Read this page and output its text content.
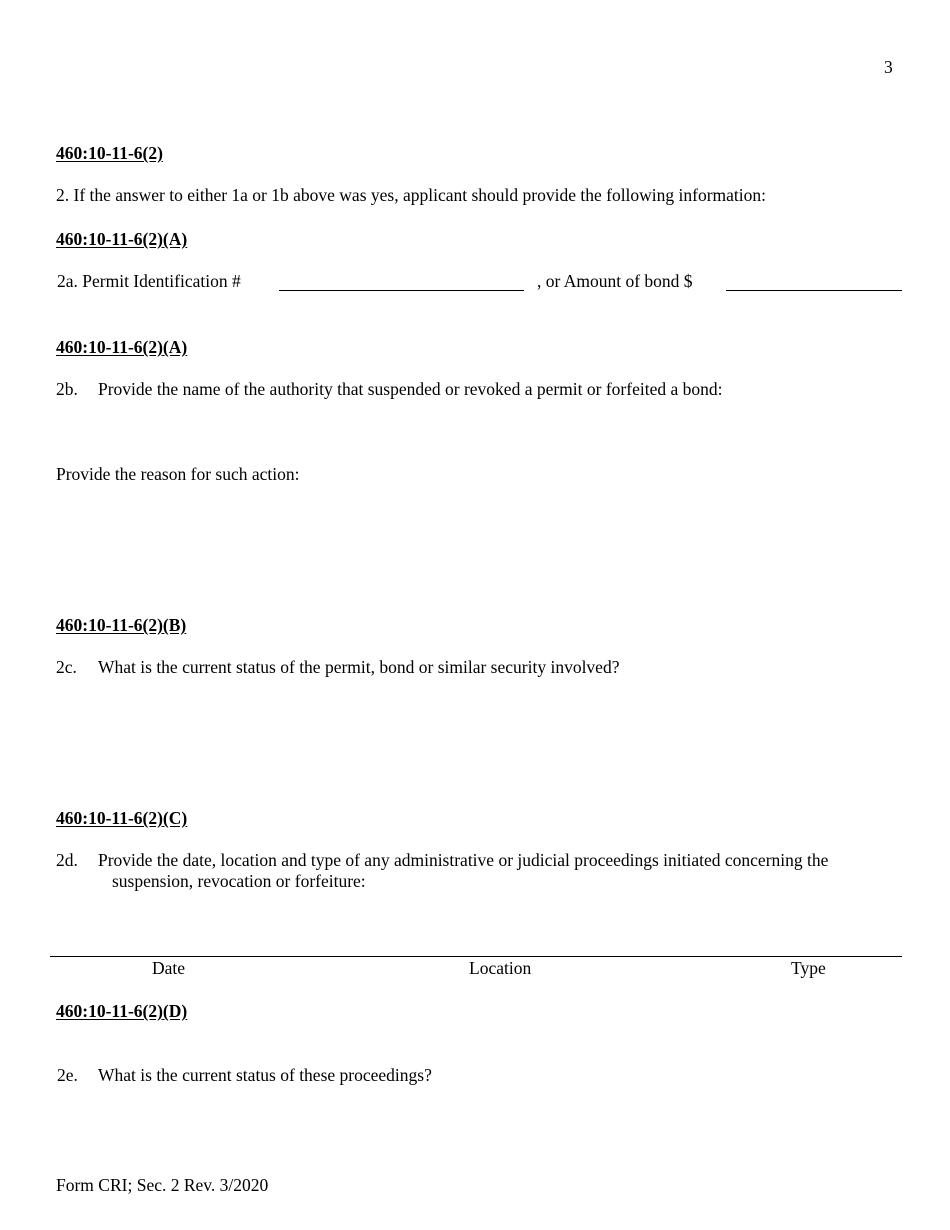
3
460:10-11-6(2)
2. If the answer to either 1a or 1b above was yes, applicant should provide the following information:
460:10-11-6(2)(A)
2a. Permit Identification #	, or Amount of bond $
460:10-11-6(2)(A)
2b. Provide the name of the authority that suspended or revoked a permit or forfeited a bond:
Provide the reason for such action:
460:10-11-6(2)(B)
2c. What is the current status of the permit, bond or similar security involved?
460:10-11-6(2)(C)
2d. Provide the date, location and type of any administrative or judicial proceedings initiated concerning the
suspension, revocation or forfeiture:
Date	Location	Type
460:10-11-6(2)(D)
2e. What is the current status of these proceedings?
Form CRI; Sec. 2 Rev. 3/2020
